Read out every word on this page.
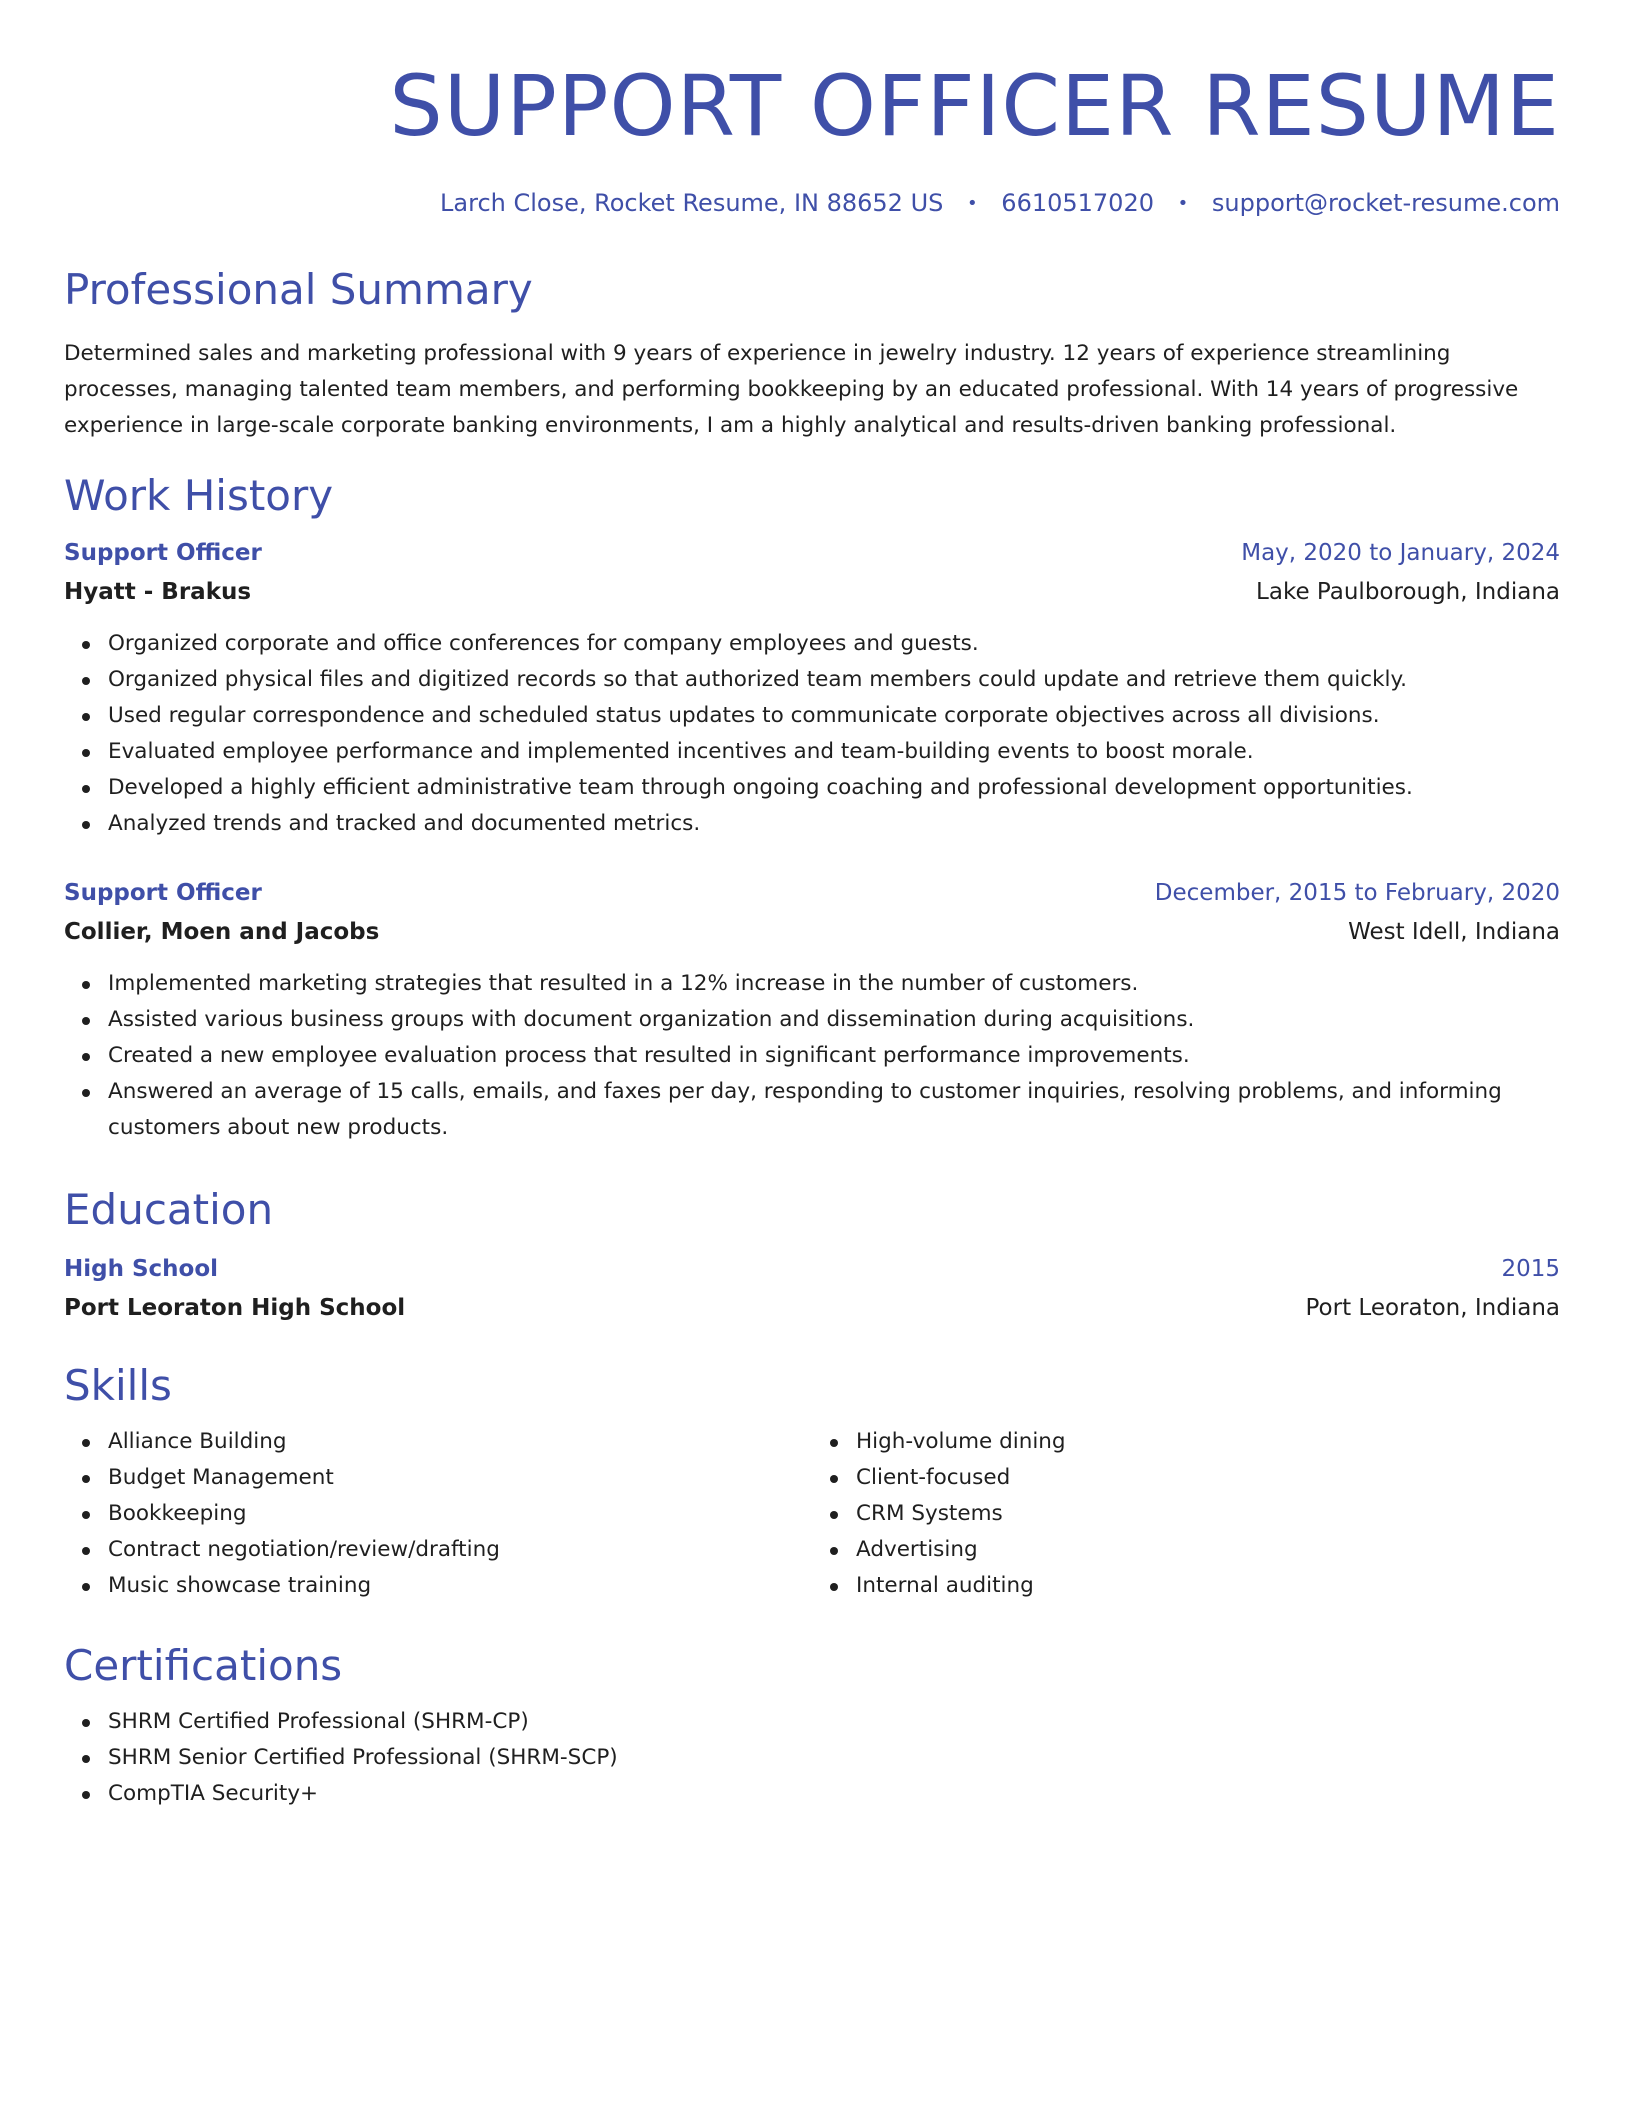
SUPPORT OFFICER RESUME
Larch Close, Rocket Resume, IN 88652 US • 6610517020 • support@rocket-resume.com
Professional Summary

Determined sales and marketing professional with 9 years of experience in jewelry industry. 12 years of experience streamlining processes, managing talented team members, and performing bookkeeping by an educated professional. With 14 years of progressive experience in large-scale corporate banking environments, I am a highly analytical and results-driven banking professional.

Work History
Support Officer	May, 2020 to January, 2024
Hyatt - Brakus	Lake Paulborough, Indiana
Organized corporate and office conferences for company employees and guests.
Organized physical files and digitized records so that authorized team members could update and retrieve them quickly.
Used regular correspondence and scheduled status updates to communicate corporate objectives across all divisions.
Evaluated employee performance and implemented incentives and team-building events to boost morale.
Developed a highly efficient administrative team through ongoing coaching and professional development opportunities.
Analyzed trends and tracked and documented metrics.
Support Officer	December, 2015 to February, 2020
Collier, Moen and Jacobs	West Idell, Indiana
Implemented marketing strategies that resulted in a 12% increase in the number of customers.
Assisted various business groups with document organization and dissemination during acquisitions.
Created a new employee evaluation process that resulted in significant performance improvements.
Answered an average of 15 calls, emails, and faxes per day, responding to customer inquiries, resolving problems, and informing customers about new products.
Education
High School	2015
Port Leoraton High School	Port Leoraton, Indiana
Skills
Alliance Building
Budget Management
Bookkeeping
Contract negotiation/review/drafting
Music showcase training
High-volume dining
Client-focused
CRM Systems
Advertising
Internal auditing
Certifications
SHRM Certified Professional (SHRM-CP)
SHRM Senior Certified Professional (SHRM-SCP)
CompTIA Security+
